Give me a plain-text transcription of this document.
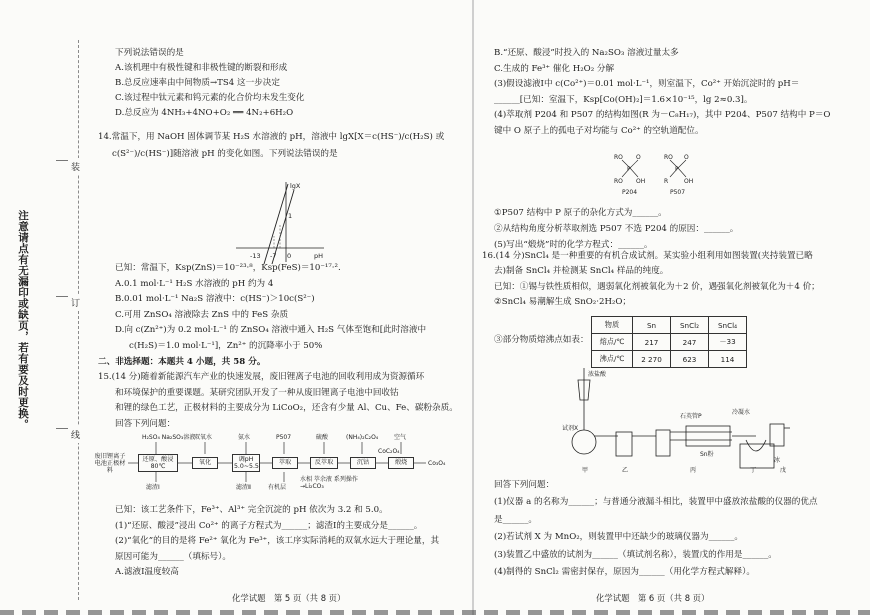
注意请点有无漏印或缺页，若有要及时更换。
装
订
线

下列说法错误的是

A.该机理中有极性键和非极性键的断裂和形成

B.总反应速率由中间物质→TS4 这一步决定

C.该过程中钛元素和钨元素的化合价均未发生变化

D.总反应为 4NH₃+4NO+O₂ ══ 4N₂+6H₂O

14.常温下，用 NaOH 固体调节某 H₂S 水溶液的 pH，溶液中 lgX[X＝c(HS⁻)/c(H₂S) 或

c(S²⁻)/c(HS⁻)]随溶液 pH 的变化如图。下列说法错误的是

-13 -7 0
1
lgX
pH

已知：常温下，Ksp(ZnS)＝10⁻²³·⁸，Ksp(FeS)＝10⁻¹⁷·².

A.0.1 mol·L⁻¹ H₂S 水溶液的 pH 约为 4

B.0.01 mol·L⁻¹ Na₂S 溶液中：c(HS⁻)＞10c(S²⁻)

C.可用 ZnSO₄ 溶液除去 ZnS 中的 FeS 杂质

D.向 c(Zn²⁺)为 0.2 mol·L⁻¹ 的 ZnSO₄ 溶液中通入 H₂S 气体至饱和[此时溶液中

c(H₂S)＝1.0 mol·L⁻¹]，Zn²⁺ 的沉降率小于 50%

二、非选择题：本题共 4 小题，共 58 分。

15.(14 分)随着新能源汽车产业的快速发展，废旧锂离子电池的回收利用成为资源循环

和环境保护的重要课题。某研究团队开发了一种从废旧锂离子电池中回收钴

和锂的绿色工艺，正极材料的主要成分为 LiCoO₂，还含有少量 Al、Cu、Fe、碳粉杂质。

回答下列问题：

H₂SO₄ Na₂SO₃溶液
双氧水	氨水	P507	硫酸	(NH₄)₂C₂O₄	空气
废旧锂离子电池正极材料
还原、酸浸 80℃
氧化	调pH 5.0~5.5
萃取	反萃取	沉钴	煅烧
CoC₂O₄
Co₃O₄
滤渣Ⅰ	滤渣Ⅱ	有机层
水相 萃余液 系列操作→Li₂CO₃

已知：该工艺条件下，Fe³⁺、Al³⁺ 完全沉淀的 pH 依次为 3.2 和 5.0。

(1)“还原、酸浸”浸出 Co²⁺ 的离子方程式为______；滤渣Ⅰ的主要成分是______。

(2)“氧化”的目的是将 Fe²⁺ 氧化为 Fe³⁺，该工序实际消耗的双氧水远大于理论量，其

原因可能为______（填标号）。

A.滤液Ⅰ温度较高

化学试题　第 5 页（共 8 页）

B.“还原、酸浸”时投入的 Na₂SO₃ 溶液过量太多

C.生成的 Fe³⁺ 催化 H₂O₂ 分解

(3)假设滤液Ⅰ中 c(Co²⁺)＝0.01 mol·L⁻¹，则室温下，Co²⁺ 开始沉淀时的 pH＝

______[已知：室温下，Ksp[Co(OH)₂]＝1.6×10⁻¹⁵，lg 2≈0.3]。

(4)萃取剂 P204 和 P507 的结构如图(R 为－C₈H₁₇)，其中 P204、P507 结构中 P＝O

键中 O 原子上的孤电子对均能与 Co²⁺ 的空轨道配位。

P	P
RO O
RO OH
RO O
R	OH
P204	P507

①P507 结构中 P 原子的杂化方式为______。

②从结构角度分析萃取剂选 P507 不选 P204 的原因：______。

(5)写出“煅烧”时的化学方程式：______。

16.(14 分)SnCl₄ 是一种重要的有机合成试剂。某实验小组利用如图装置(夹持装置已略

去)制备 SnCl₄ 并检测某 SnCl₄ 样品的纯度。

已知：①锡与铁性质相似，遇弱氧化剂被氧化为＋2 价，遇强氧化剂被氧化为＋4 价；

②SnCl₄ 易潮解生成 SnO₂·2H₂O；

③部分物质熔沸点如表：

物质	Sn	SnCl₂	SnCl₄
熔点/℃	217	247	－33
沸点/℃	2 270	623	114
浓盐酸
试剂X
石英管P
Sn粉
冷凝水
冰
甲	乙	丙	丁	戊

回答下列问题：

(1)仪器 a 的名称为______；与普通分液漏斗相比，装置甲中盛放浓盐酸的仪器的优点

是______。

(2)若试剂 X 为 MnO₂，则装置甲中还缺少的玻璃仪器为______。

(3)装置乙中盛放的试剂为______（填试剂名称），装置戊的作用是______。

(4)制得的 SnCl₂ 需密封保存，原因为______（用化学方程式解释）。

化学试题　第 6 页（共 8 页）
